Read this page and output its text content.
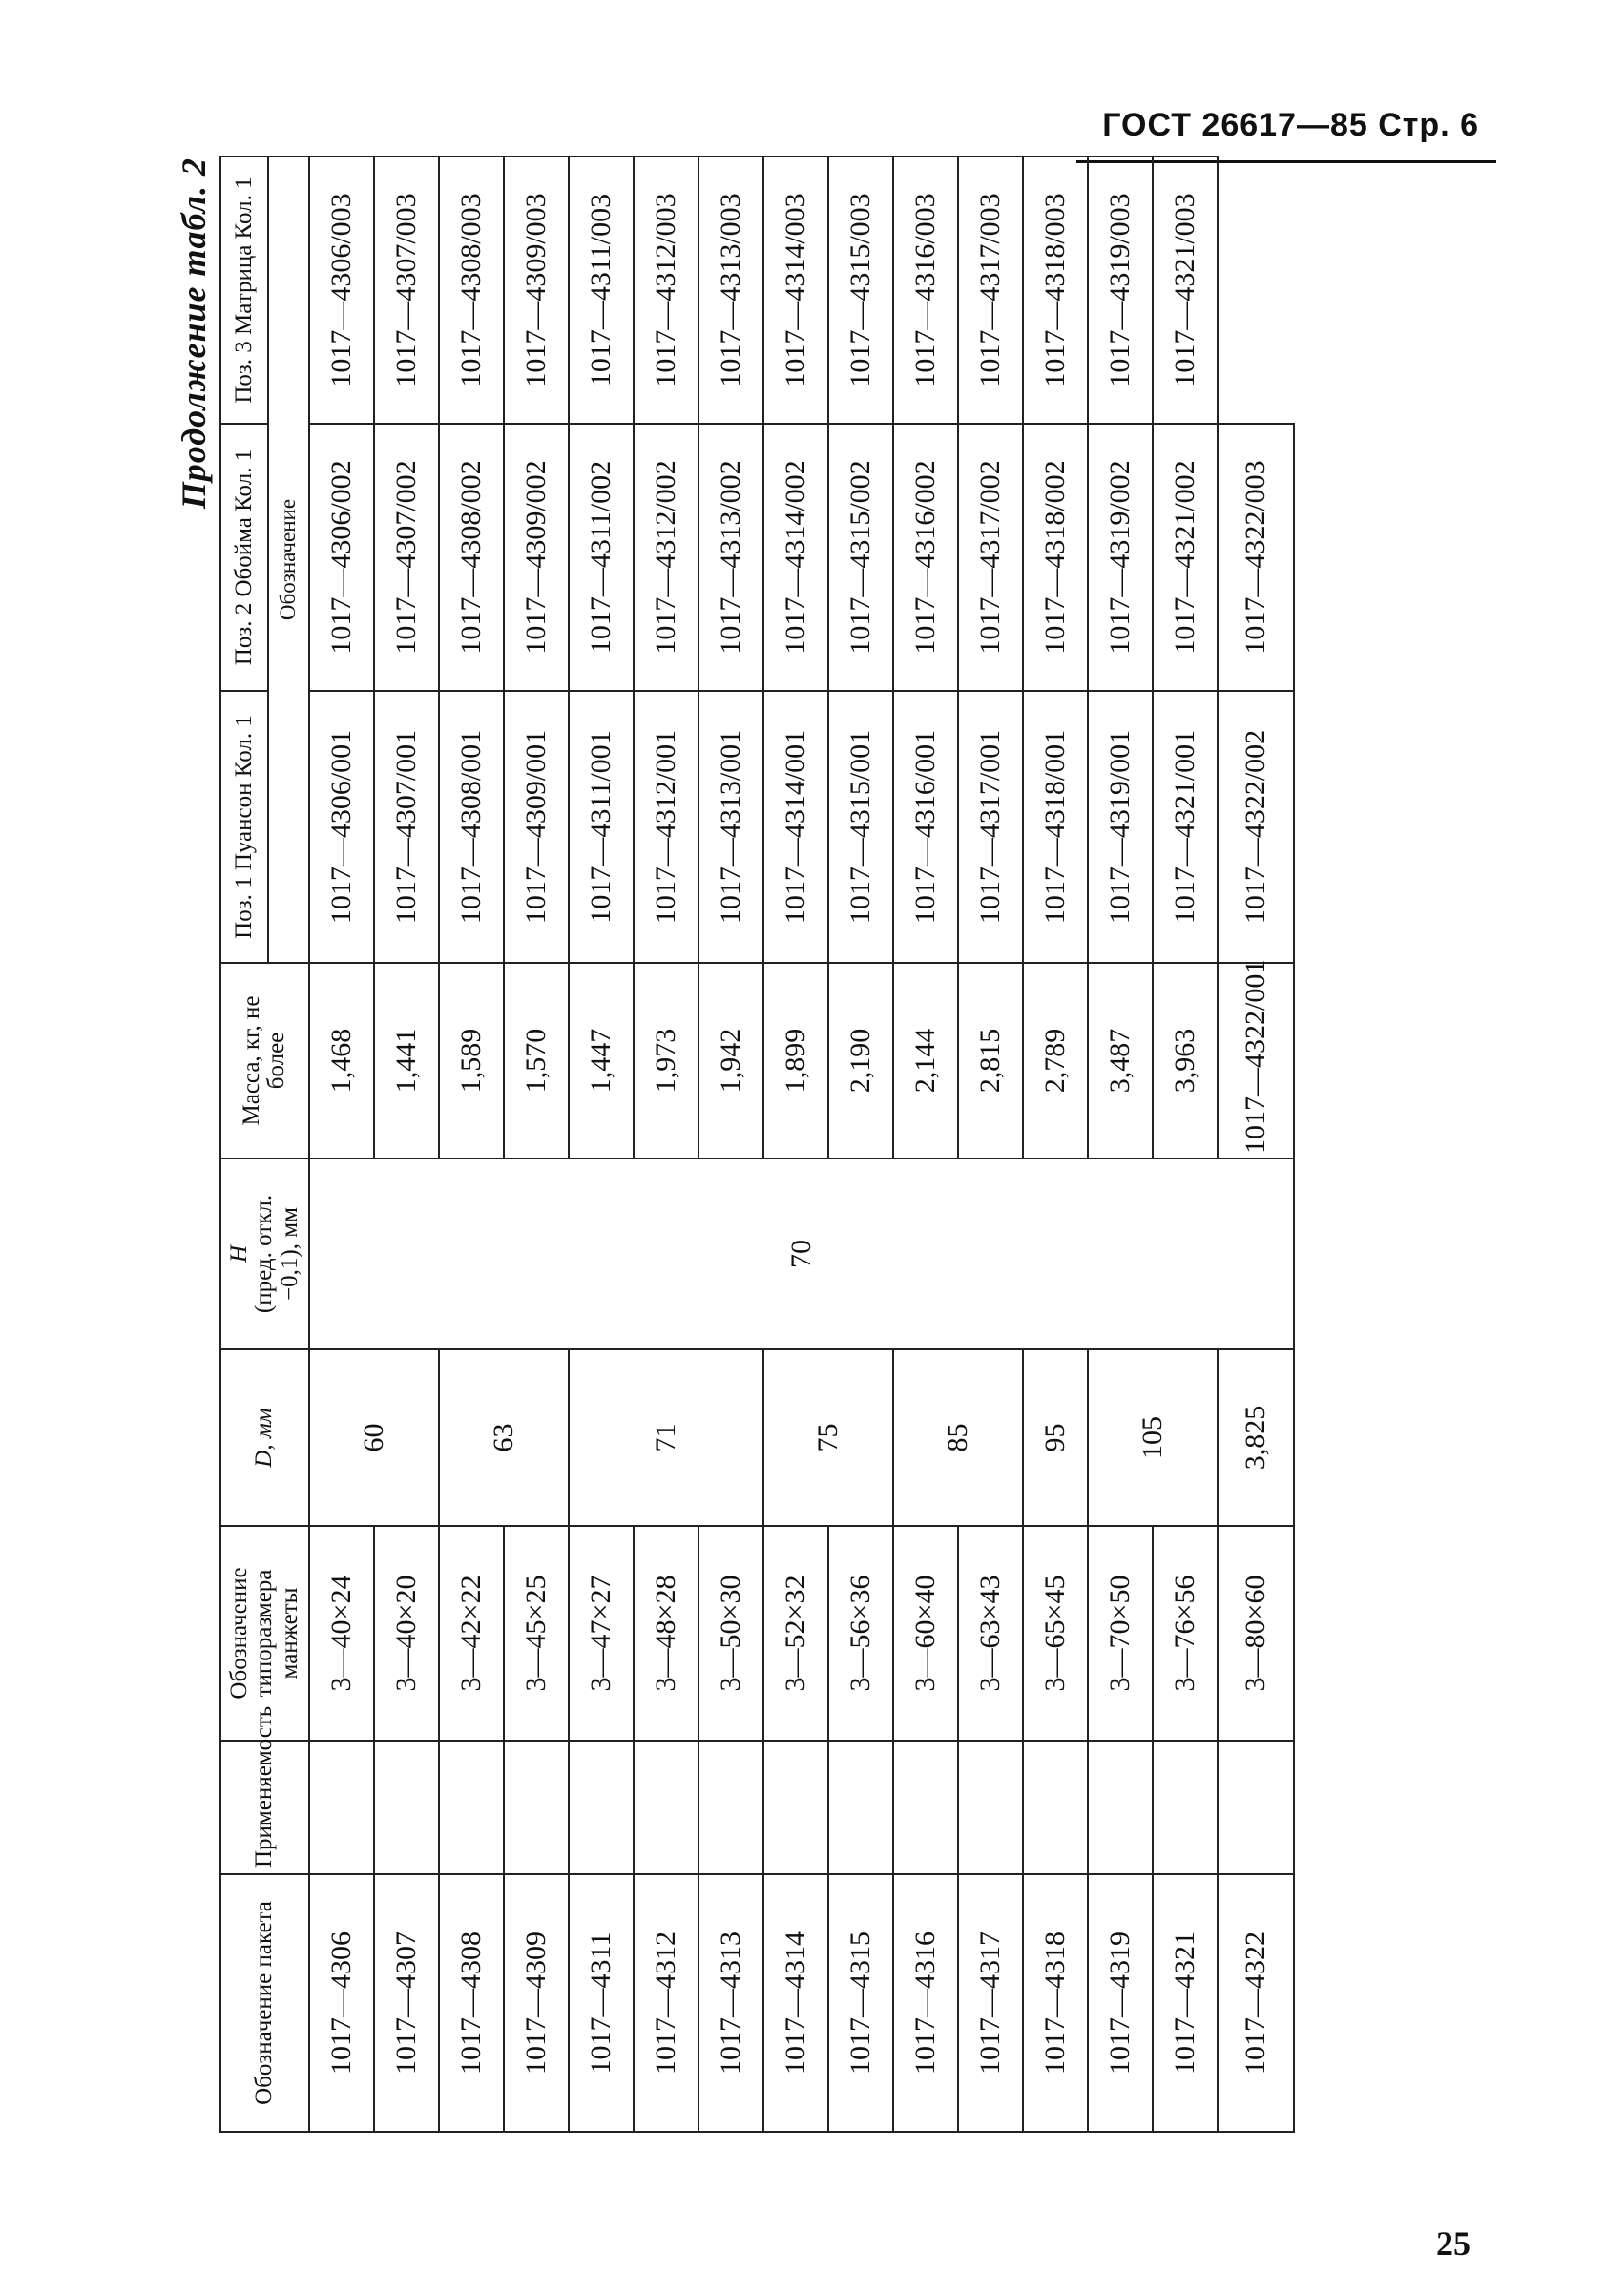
ГОСТ 26617—85 Стр. 6
Продолжение табл. 2
Обозначение пакета	Применяемость	Обозначение типоразмера манжеты	D, мм	H (пред. откл. −0,1), мм	Масса, кг, не более	Поз. 1 Пуансон Кол. 1	Поз. 2 Обойма Кол. 1	Поз. 3 Матрица Кол. 1
						Обозначение		
1017—4306		3—40×24	60	70	1,468	1017—4306/001	1017—4306/002	1017—4306/003
1017—4307		3—40×20			1,441	1017—4307/001	1017—4307/002	1017—4307/003
1017—4308		3—42×22	63		1,589	1017—4308/001	1017—4308/002	1017—4308/003
1017—4309		3—45×25			1,570	1017—4309/001	1017—4309/002	1017—4309/003
1017—4311		3—47×27	71		1,447	1017—4311/001	1017—4311/002	1017—4311/003
1017—4312		3—48×28			1,973	1017—4312/001	1017—4312/002	1017—4312/003
1017—4313		3—50×30			1,942	1017—4313/001	1017—4313/002	1017—4313/003
1017—4314		3—52×32	75		1,899	1017—4314/001	1017—4314/002	1017—4314/003
1017—4315		3—56×36			2,190	1017—4315/001	1017—4315/002	1017—4315/003
1017—4316		3—60×40	85		2,144	1017—4316/001	1017—4316/002	1017—4316/003
1017—4317		3—63×43			2,815	1017—4317/001	1017—4317/002	1017—4317/003
1017—4318		3—65×45	95		2,789	1017—4318/001	1017—4318/002	1017—4318/003
1017—4319		3—70×50	105		3,487	1017—4319/001	1017—4319/002	1017—4319/003
1017—4321		3—76×56			3,963	1017—4321/001	1017—4321/002	1017—4321/003
1017—4322		3—80×60	3,825		1017—4322/001	1017—4322/002	1017—4322/003	
25
